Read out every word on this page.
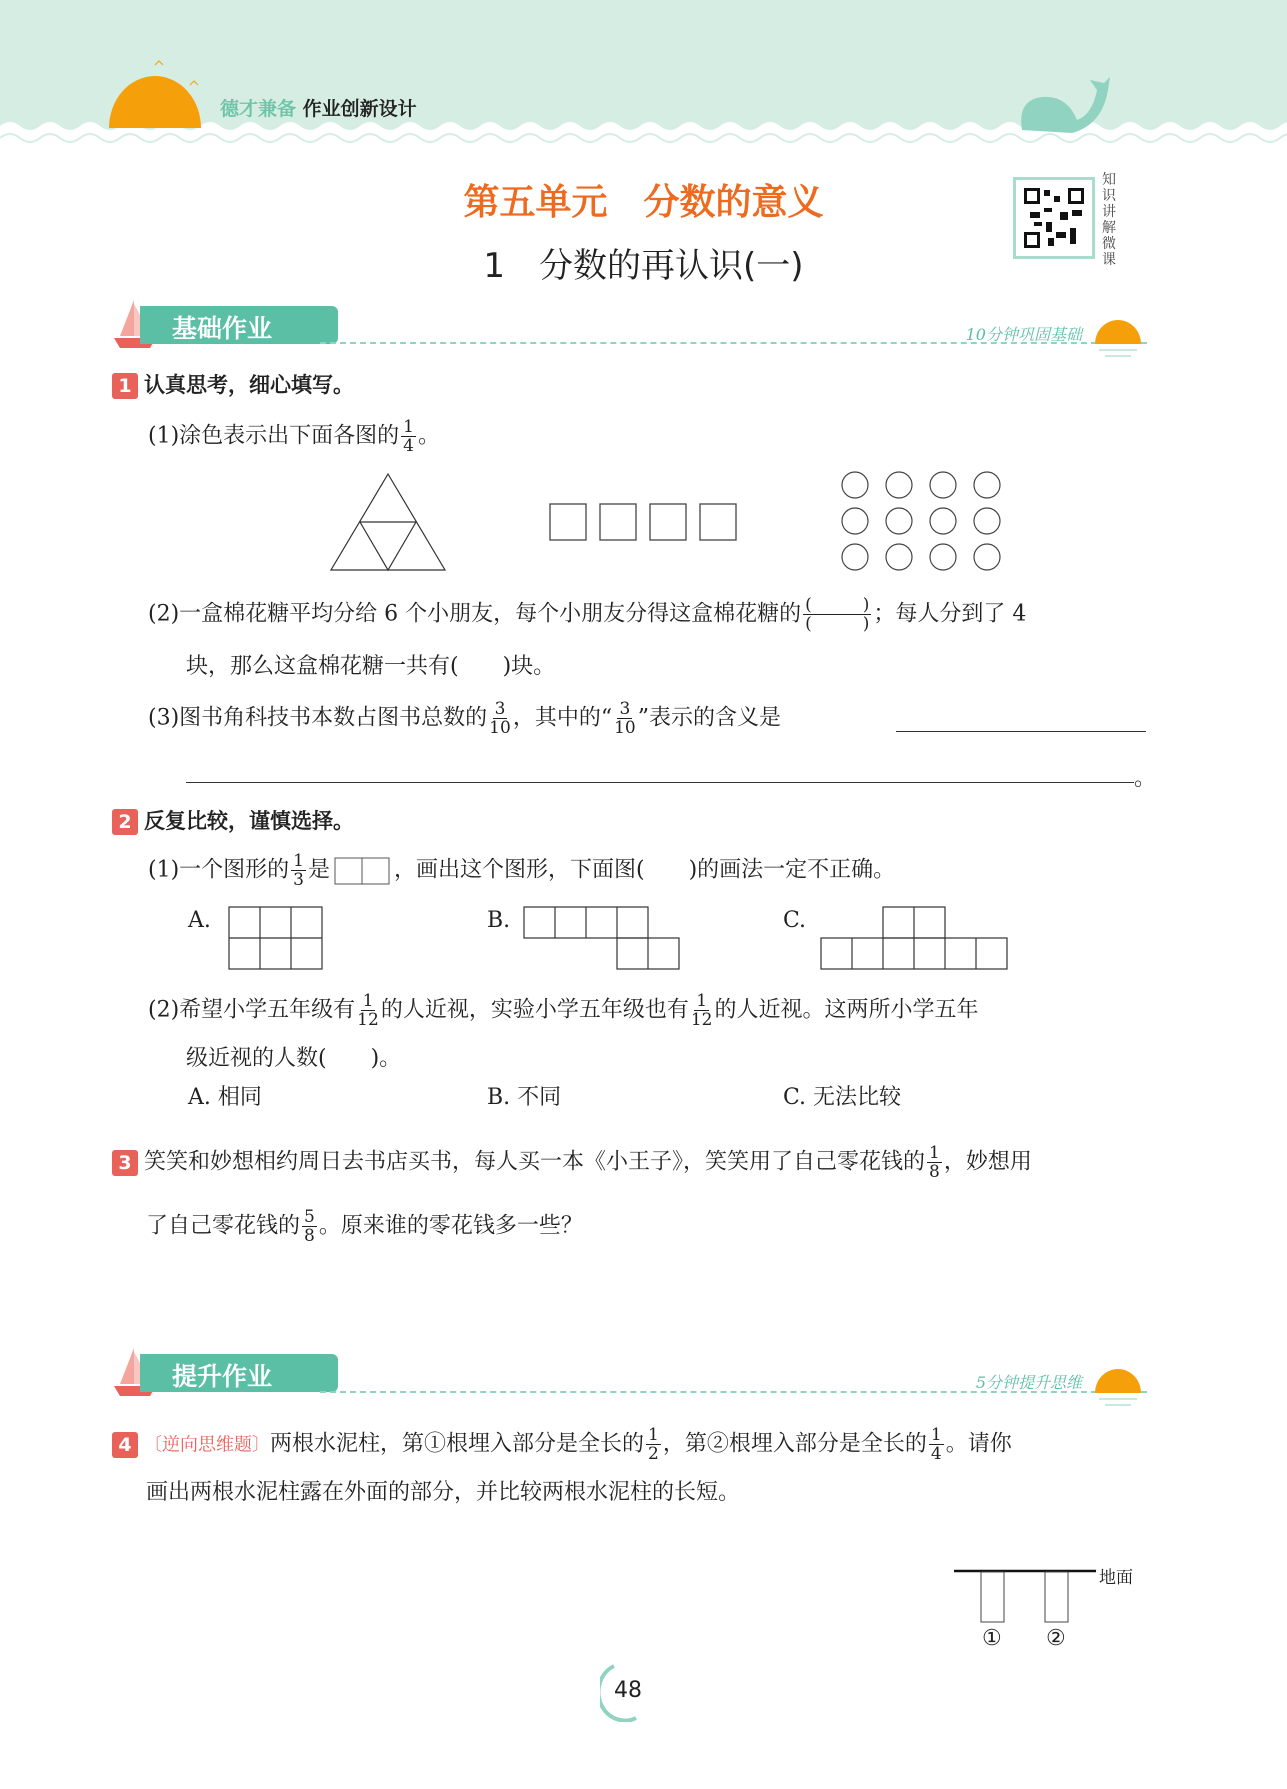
德才兼备 作业创新设计
第五单元　分数的意义
1　分数的再认识(一)
知识讲解微课
基础作业	10分钟巩固基础
1 认真思考，细心填写。
(1)涂色表示出下面各图的 $\frac{1}{4}$ 。
(2)一盒棉花糖平均分给 6 个小朋友，每个小朋友分得这盒棉花糖的 (　　　)
(　　　) ；每人分到了 4
块，那么这盒棉花糖一共有(　　)块。
(3)图书角科技书本数占图书总数的 $\frac{3}{10}$ ，其中的“ $\frac{3}{10}$ ”表示的含义是
。
2 反复比较，谨慎选择。
(1)一个图形的 $\frac{1}{3}$ 是	，画出这个图形，下面图(　　)的画法一定不正确。
A.	B.	C.
(2)希望小学五年级有 $\frac{1}{12}$ 的人近视，实验小学五年级也有 $\frac{1}{12}$ 的人近视。这两所小学五年
级近视的人数(　　)。
A. 相同	B. 不同	C. 无法比较
3 笑笑和妙想相约周日去书店买书，每人买一本《小王子》，笑笑用了自己零花钱的 $\frac{1}{8}$ ，妙想用
了自己零花钱的 $\frac{5}{8}$ 。原来谁的零花钱多一些？
提升作业	5分钟提升思维
4 〔逆向思维题〕两根水泥柱，第①根埋入部分是全长的 $\frac{1}{2}$ ，第②根埋入部分是全长的 $\frac{1}{4}$ 。请你
画出两根水泥柱露在外面的部分，并比较两根水泥柱的长短。
地面
① ②
48
